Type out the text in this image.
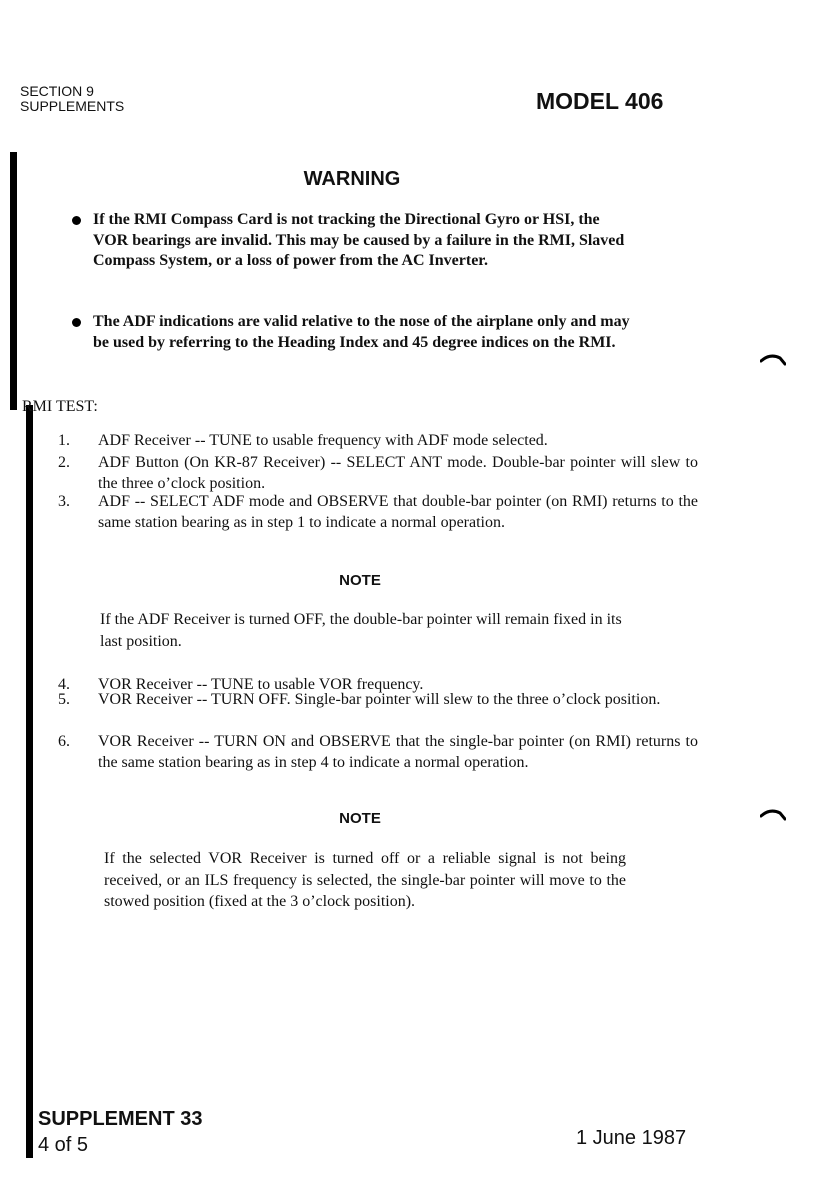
SECTION 9
SUPPLEMENTS	MODEL 406
WARNING
If the RMI Compass Card is not tracking the Directional Gyro or HSI, the VOR bearings are invalid. This may be caused by a failure in the RMI, Slaved Compass System, or a loss of power from the AC Inverter.
The ADF indications are valid relative to the nose of the airplane only and may be used by referring to the Heading Index and 45 degree indices on the RMI.
RMI TEST:
1. ADF Receiver -- TUNE to usable frequency with ADF mode selected.
2. ADF Button (On KR-87 Receiver) -- SELECT ANT mode. Double-bar pointer will slew to the three o’clock position.
3. ADF -- SELECT ADF mode and OBSERVE that double-bar pointer (on RMI) returns to the same station bearing as in step 1 to indicate a normal operation.
NOTE
If the ADF Receiver is turned OFF, the double-bar pointer will remain fixed in its last position.
4. VOR Receiver -- TUNE to usable VOR frequency.
5. VOR Receiver -- TURN OFF. Single-bar pointer will slew to the three o’clock position.
6. VOR Receiver -- TURN ON and OBSERVE that the single-bar pointer (on RMI) returns to the same station bearing as in step 4 to indicate a normal operation.
NOTE
If the selected VOR Receiver is turned off or a reliable signal is not being received, or an ILS frequency is selected, the single-bar pointer will move to the stowed position (fixed at the 3 o’clock position).
SUPPLEMENT 33
4 of 5	1 June 1987
